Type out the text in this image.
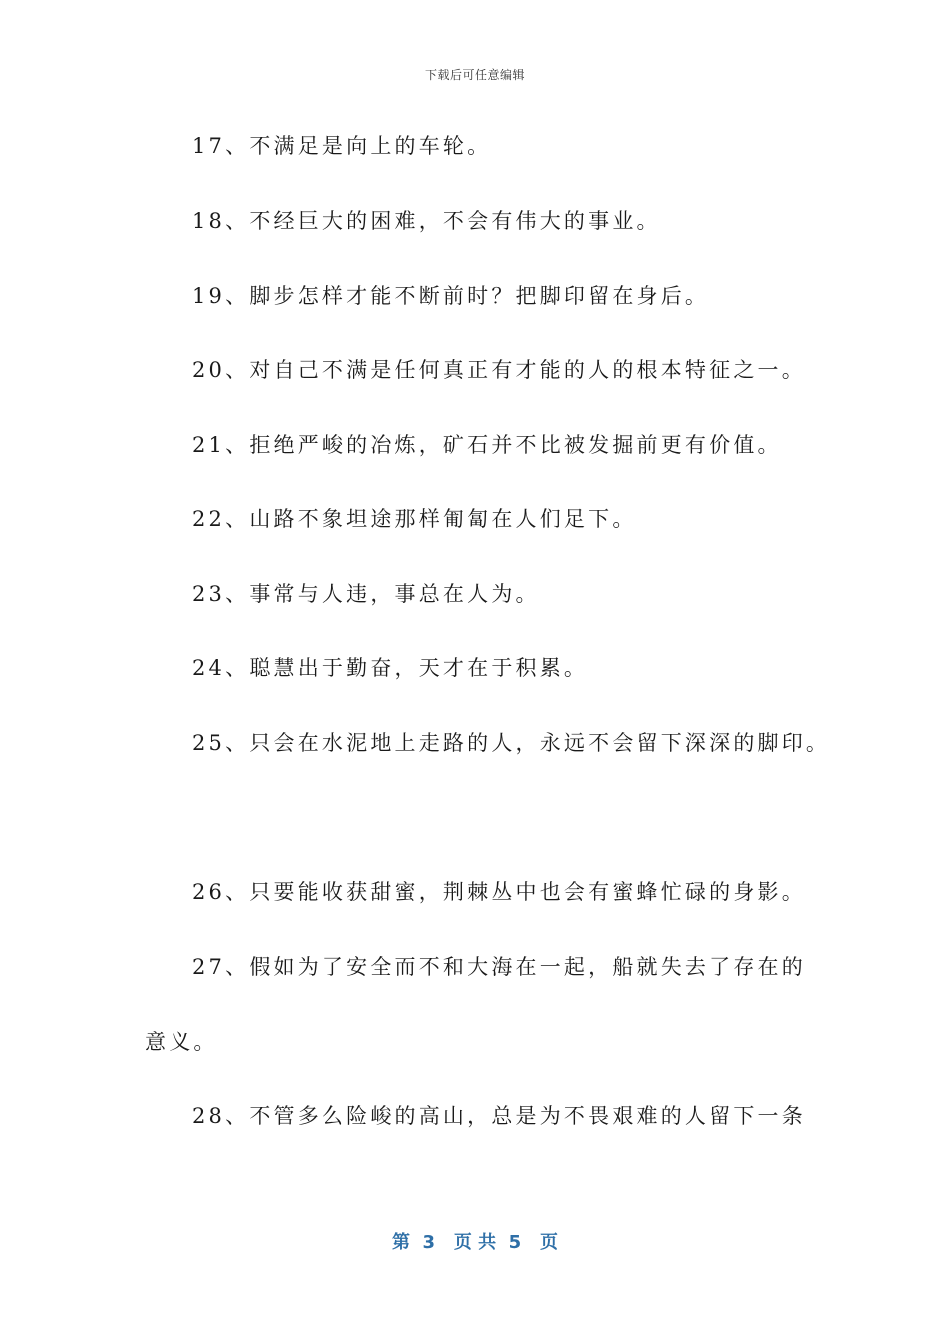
下载后可任意编辑
17、不满足是向上的车轮。
18、不经巨大的困难，不会有伟大的事业。
19、脚步怎样才能不断前时？把脚印留在身后。
20、对自己不满是任何真正有才能的人的根本特征之一。
21、拒绝严峻的冶炼，矿石并不比被发掘前更有价值。
22、山路不象坦途那样匍匐在人们足下。
23、事常与人违，事总在人为。
24、聪慧出于勤奋，天才在于积累。
25、只会在水泥地上走路的人，永远不会留下深深的脚印。
26、只要能收获甜蜜，荆棘丛中也会有蜜蜂忙碌的身影。
27、假如为了安全而不和大海在一起，船就失去了存在的
意义。
28、不管多么险峻的高山，总是为不畏艰难的人留下一条
第  3   页 共  5   页
